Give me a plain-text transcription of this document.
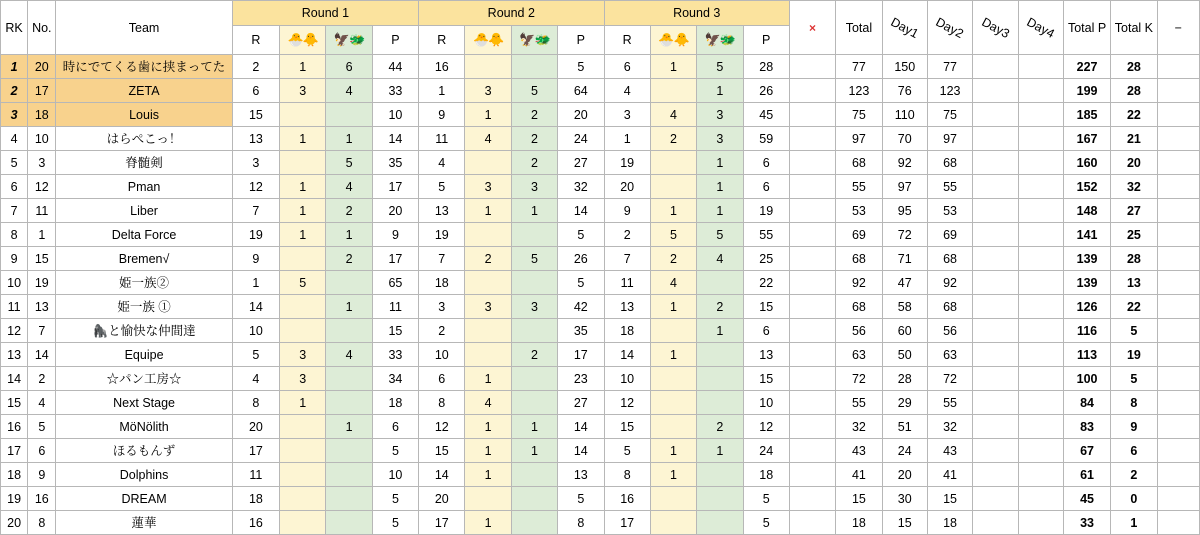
RK	No.	Team	Round 1				Round 2				Round 3				×	Total	Day1	Day2	Day3	Day4	Total P	Total K	−
			R	🐣🐥	🦅🐲	P	R	🐣🐥	🦅🐲	P	R	🐣🐥	🦅🐲	P									
1	20	時にでてくる歯に挟まってた	2	1	6	44	16			5	6	1	5	28		77	150	77			227	28	
2	17	ZETA	6	3	4	33	1	3	5	64	4		1	26		123	76	123			199	28	
3	18	Louis	15			10	9	1	2	20	3	4	3	45		75	110	75			185	22	
4	10	はらぺこっ！	13	1	1	14	11	4	2	24	1	2	3	59		97	70	97			167	21	
5	3	脊髄剣	3		5	35	4		2	27	19		1	6		68	92	68			160	20	
6	12	Pman	12	1	4	17	5	3	3	32	20		1	6		55	97	55			152	32	
7	11	Liber	7	1	2	20	13	1	1	14	9	1	1	19		53	95	53			148	27	
8	1	Delta Force	19	1	1	9	19			5	2	5	5	55		69	72	69			141	25	
9	15	Bremen√	9		2	17	7	2	5	26	7	2	4	25		68	71	68			139	28	
10	19	姫一族②	1	5		65	18			5	11	4		22		92	47	92			139	13	
11	13	姫一族 ①	14		1	11	3	3	3	42	13	1	2	15		68	58	68			126	22	
12	7	🦍と愉快な仲間達	10			15	2			35	18		1	6		56	60	56			116	5	
13	14	Equipe	5	3	4	33	10		2	17	14	1		13		63	50	63			113	19	
14	2	☆パン工房☆	4	3		34	6	1		23	10			15		72	28	72			100	5	
15	4	Next Stage	8	1		18	8	4		27	12			10		55	29	55			84	8	
16	5	MöNölith	20		1	6	12	1	1	14	15		2	12		32	51	32			83	9	
17	6	ほるもんず	17			5	15	1	1	14	5	1	1	24		43	24	43			67	6	
18	9	Dolphins	11			10	14	1		13	8	1		18		41	20	41			61	2	
19	16	DREAM	18			5	20			5	16			5		15	30	15			45	0	
20	8	蓮華	16			5	17	1		8	17			5		18	15	18			33	1	
